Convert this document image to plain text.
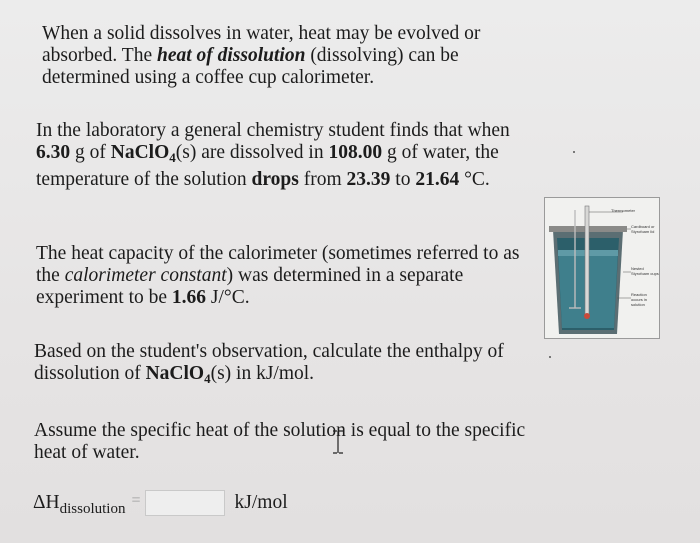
When a solid dissolves in water, heat may be evolved or absorbed. The heat of dissolution (dissolving) can be determined using a coffee cup calorimeter.

In the laboratory a general chemistry student finds that when 6.30 g of NaClO$_4$(s) are dissolved in 108.00 g of water, the temperature of the solution drops from 23.39 to 21.64 °C.

The heat capacity of the calorimeter (sometimes referred to as the calorimeter constant) was determined in a separate experiment to be 1.66 J/°C.

Based on the student's observation, calculate the enthalpy of dissolution of NaClO$_4$(s) in kJ/mol.

Assume the specific heat of the solution is equal to the specific heat of water.

ΔH dissolution =	kJ/mol
Thermometer
Cardboard or Styrofoam lid
Nested Styrofoam cups
Reaction occurs in solution
